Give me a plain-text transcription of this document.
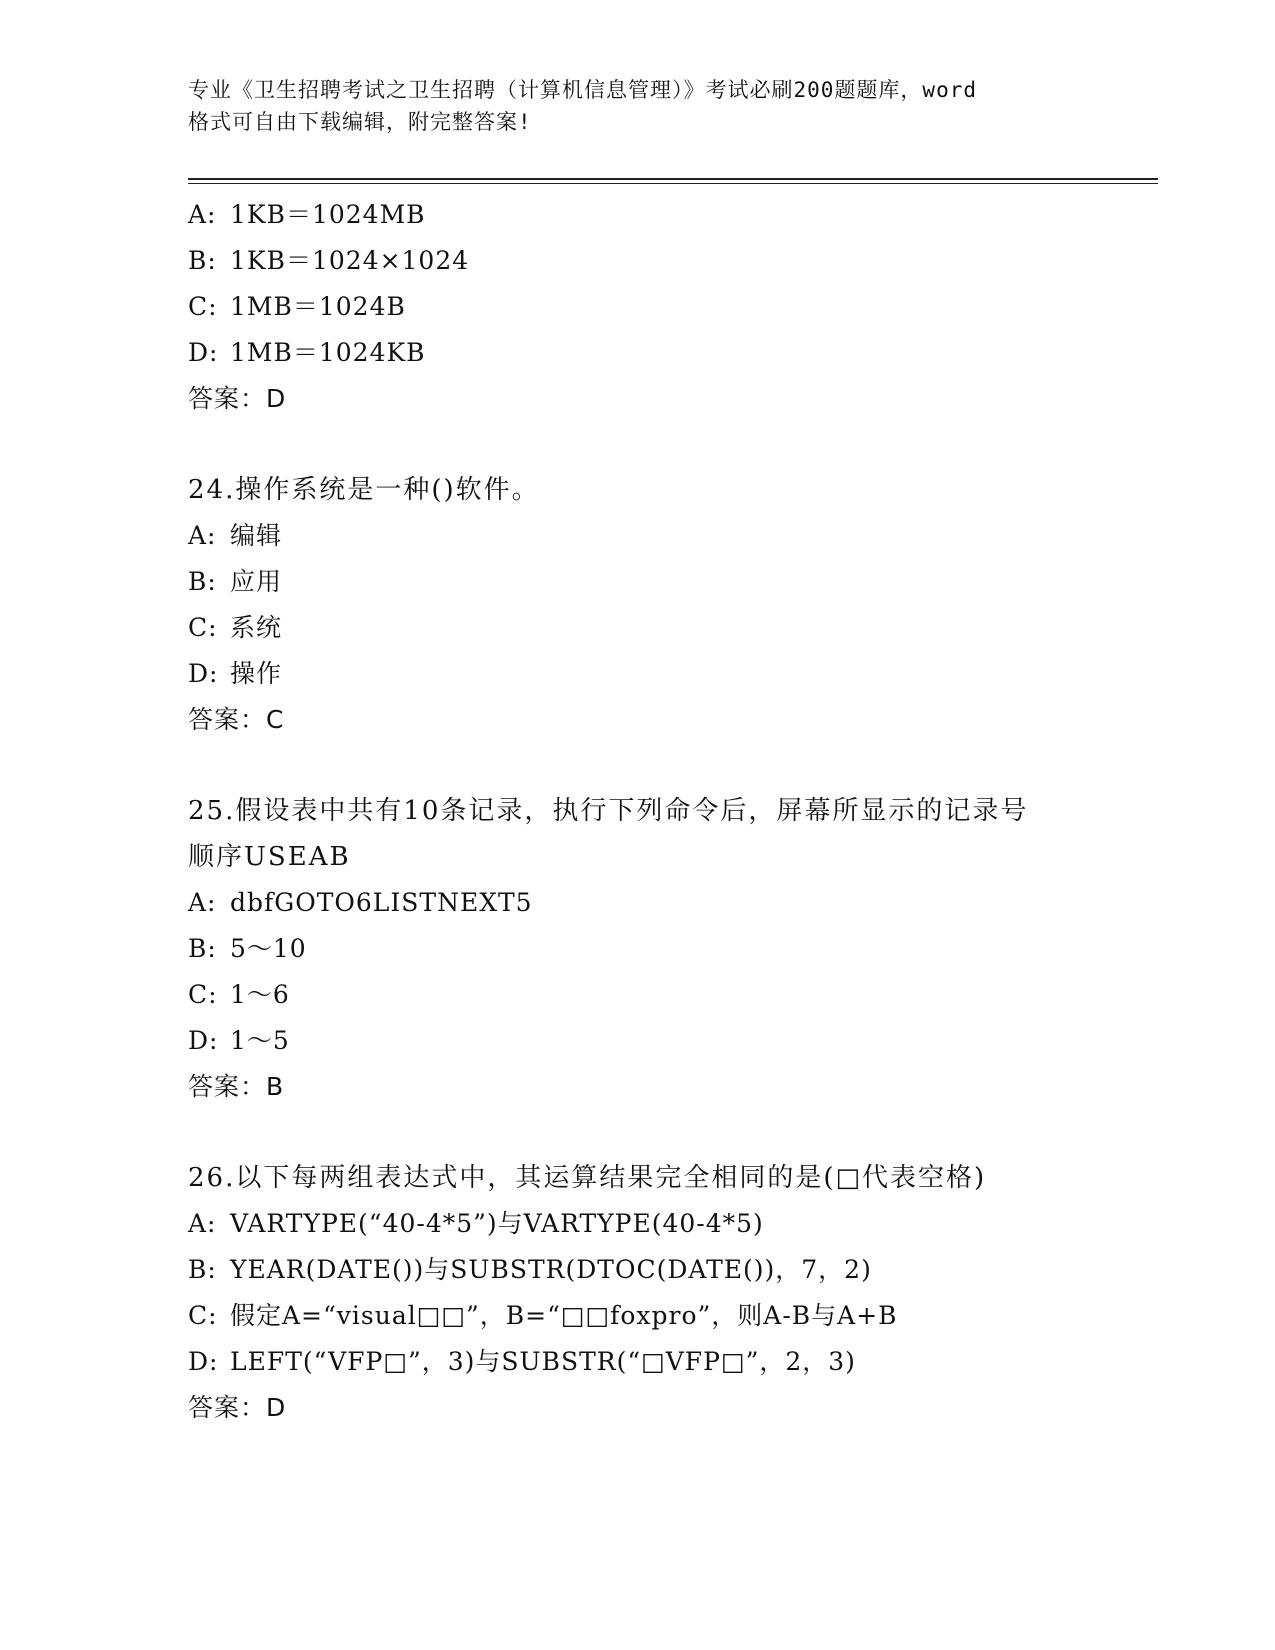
专业《卫生招聘考试之卫生招聘（计算机信息管理）》考试必刷200题题库，word
格式可自由下载编辑，附完整答案!
A: 1KB＝1024MB
B: 1KB＝1024×1024
C: 1MB＝1024B
D: 1MB＝1024KB
答案：D
24.操作系统是一种()软件。
A: 编辑
B: 应用
C: 系统
D: 操作
答案：C
25.假设表中共有10条记录，执行下列命令后，屏幕所显示的记录号
顺序USEAB
A: dbfGOTO6LISTNEXT5
B: 5～10
C: 1～6
D: 1～5
答案：B
26.以下每两组表达式中，其运算结果完全相同的是(□代表空格)
A: VARTYPE(“40-4*5”)与VARTYPE(40-4*5)
B: YEAR(DATE())与SUBSTR(DTOC(DATE())，7，2)
C: 假定A=“visual□□”，B=“□□foxpro”，则A-B与A+B
D: LEFT(“VFP□”，3)与SUBSTR(“□VFP□”，2，3)
答案：D
